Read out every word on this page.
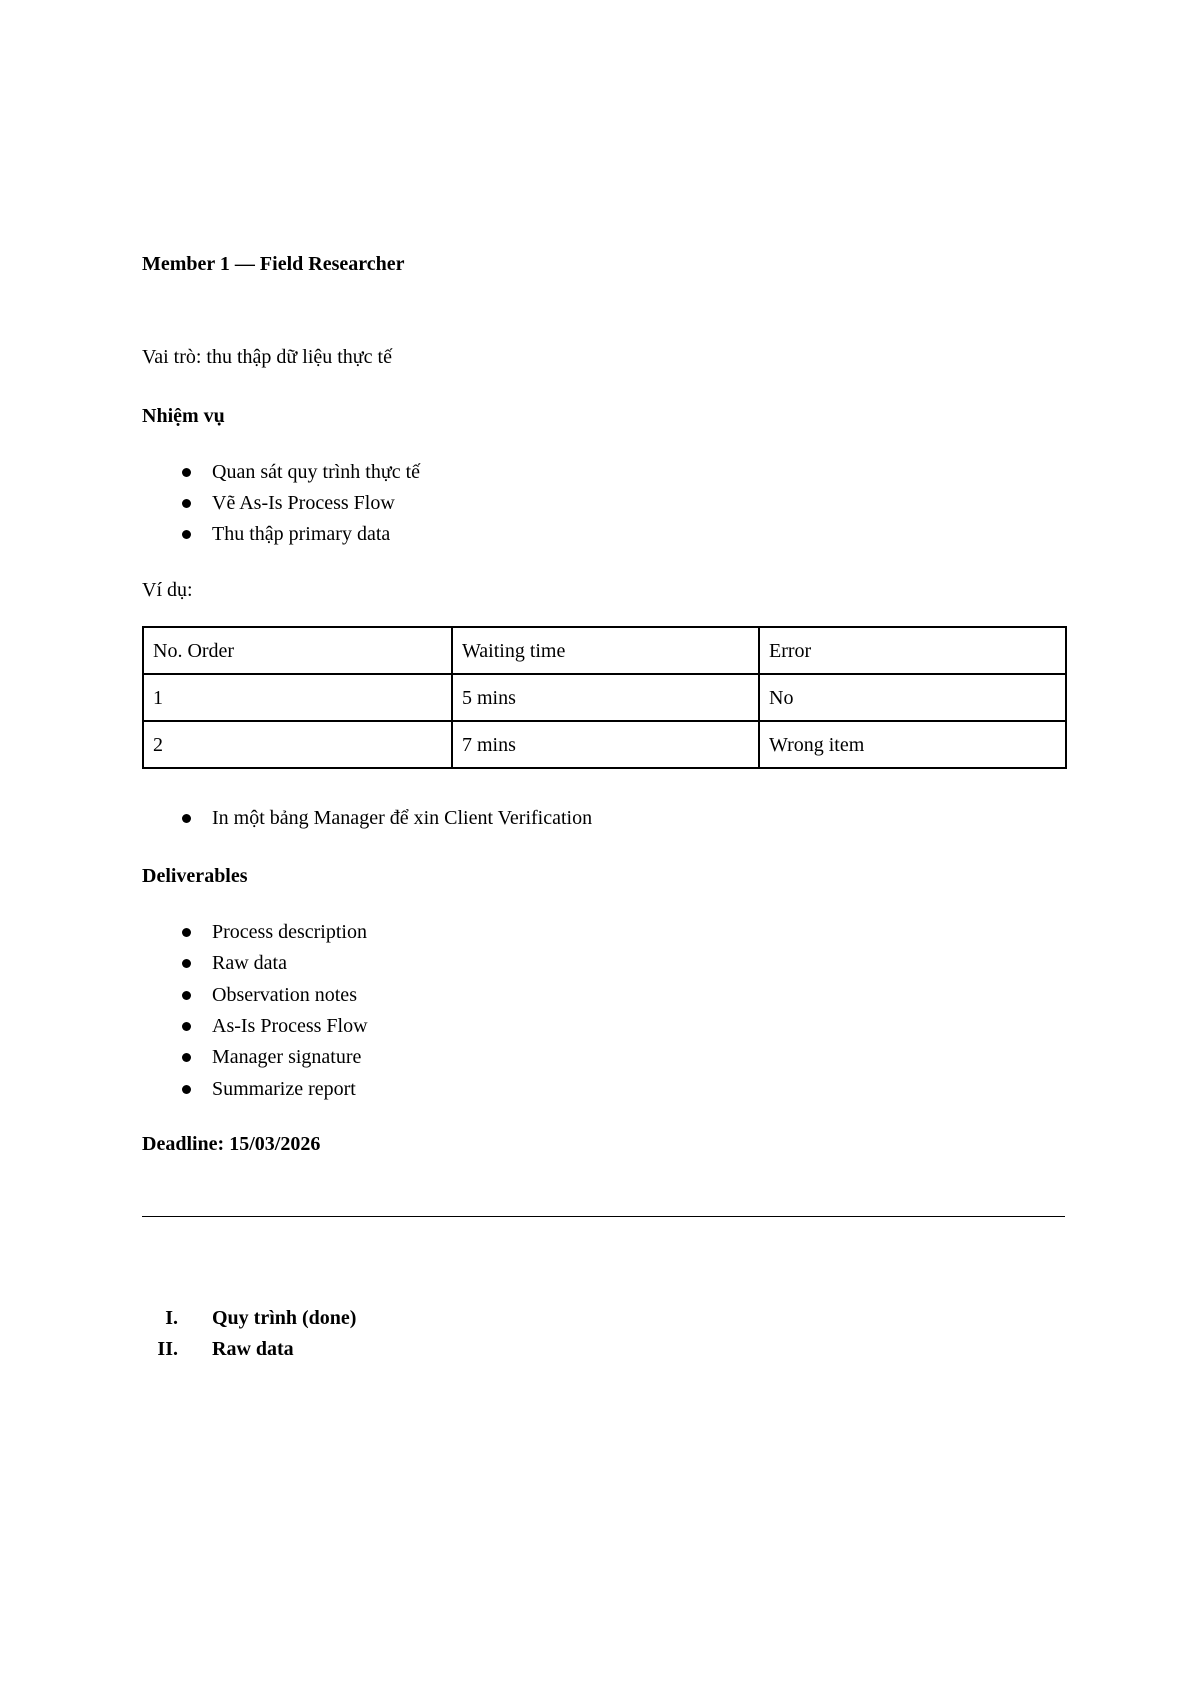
Member 1 — Field Researcher
Vai trò: thu thập dữ liệu thực tế
Nhiệm vụ
Quan sát quy trình thực tế
Vẽ As-Is Process Flow
Thu thập primary data
Ví dụ:
No. Order	Waiting time	Error
1	5 mins	No
2	7 mins	Wrong item
In một bảng Manager để xin Client Verification
Deliverables
Process description
Raw data
Observation notes
As-Is Process Flow
Manager signature
Summarize report
Deadline: 15/03/2026
I. Quy trình (done)
II. Raw data
